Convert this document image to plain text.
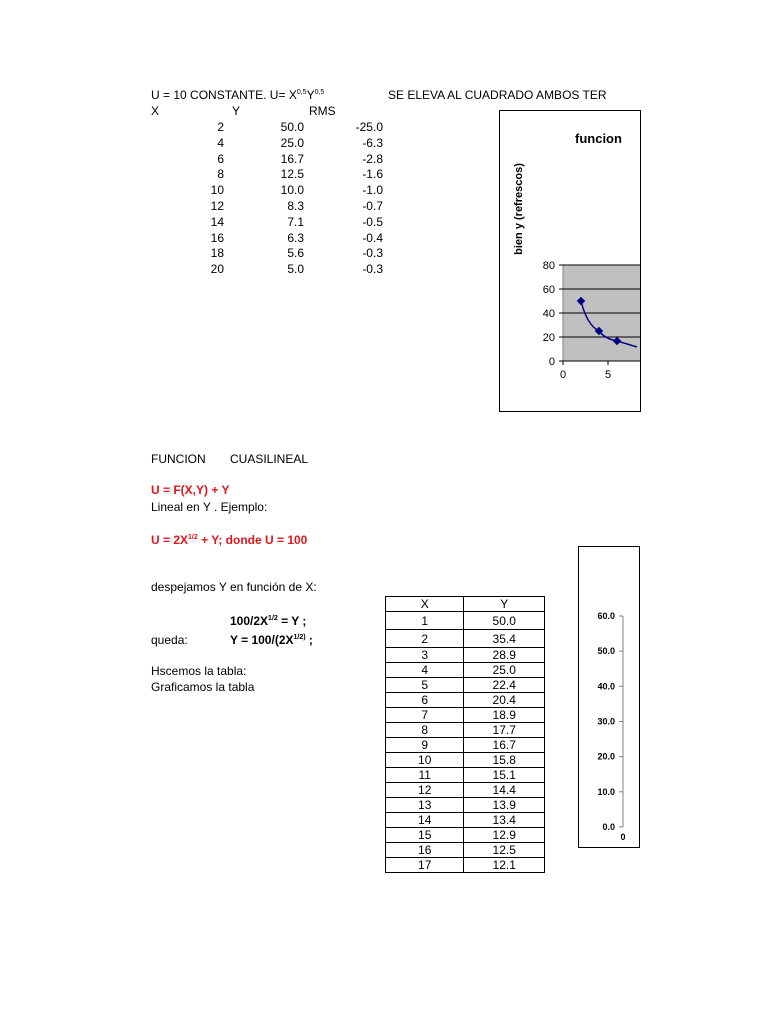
U = 10 CONSTANTE. $U= X^{0,5}Y^{0,5}$	SE ELEVA AL CUADRADO AMBOS TER
X	Y	RMS
2	50.0	-25.0
4	25.0	-6.3
6	16.7	-2.8
8	12.5	-1.6
10	10.0	-1.0
12	8.3	-0.7
14	7.1	-0.5
16	6.3	-0.4
18	5.6	-0.3
20	5.0	-0.3
0
20
40
60
80
0	5
funcion
bien y (refrescos)
FUNCION CUASILINEAL
U = F(X,Y) + Y
Lineal en Y . Ejemplo:
$U = 2X^{1/2} + Y$; donde U = 100
despejamos Y en función de X:
$100/2X^{1/2} = Y$ ;
queda:	$Y = 100/(2X^{1/2)}$ ;
Hscemos la tabla:
Graficamos la tabla
X	Y
1	50.0
2	35.4
3	28.9
4	25.0
5	22.4
6	20.4
7	18.9
8	17.7
9	16.7
10	15.8
11	15.1
12	14.4
13	13.9
14	13.4
15	12.9
16	12.5
17	12.1
0.0
10.0
20.0
30.0
40.0
50.0
60.0
0
